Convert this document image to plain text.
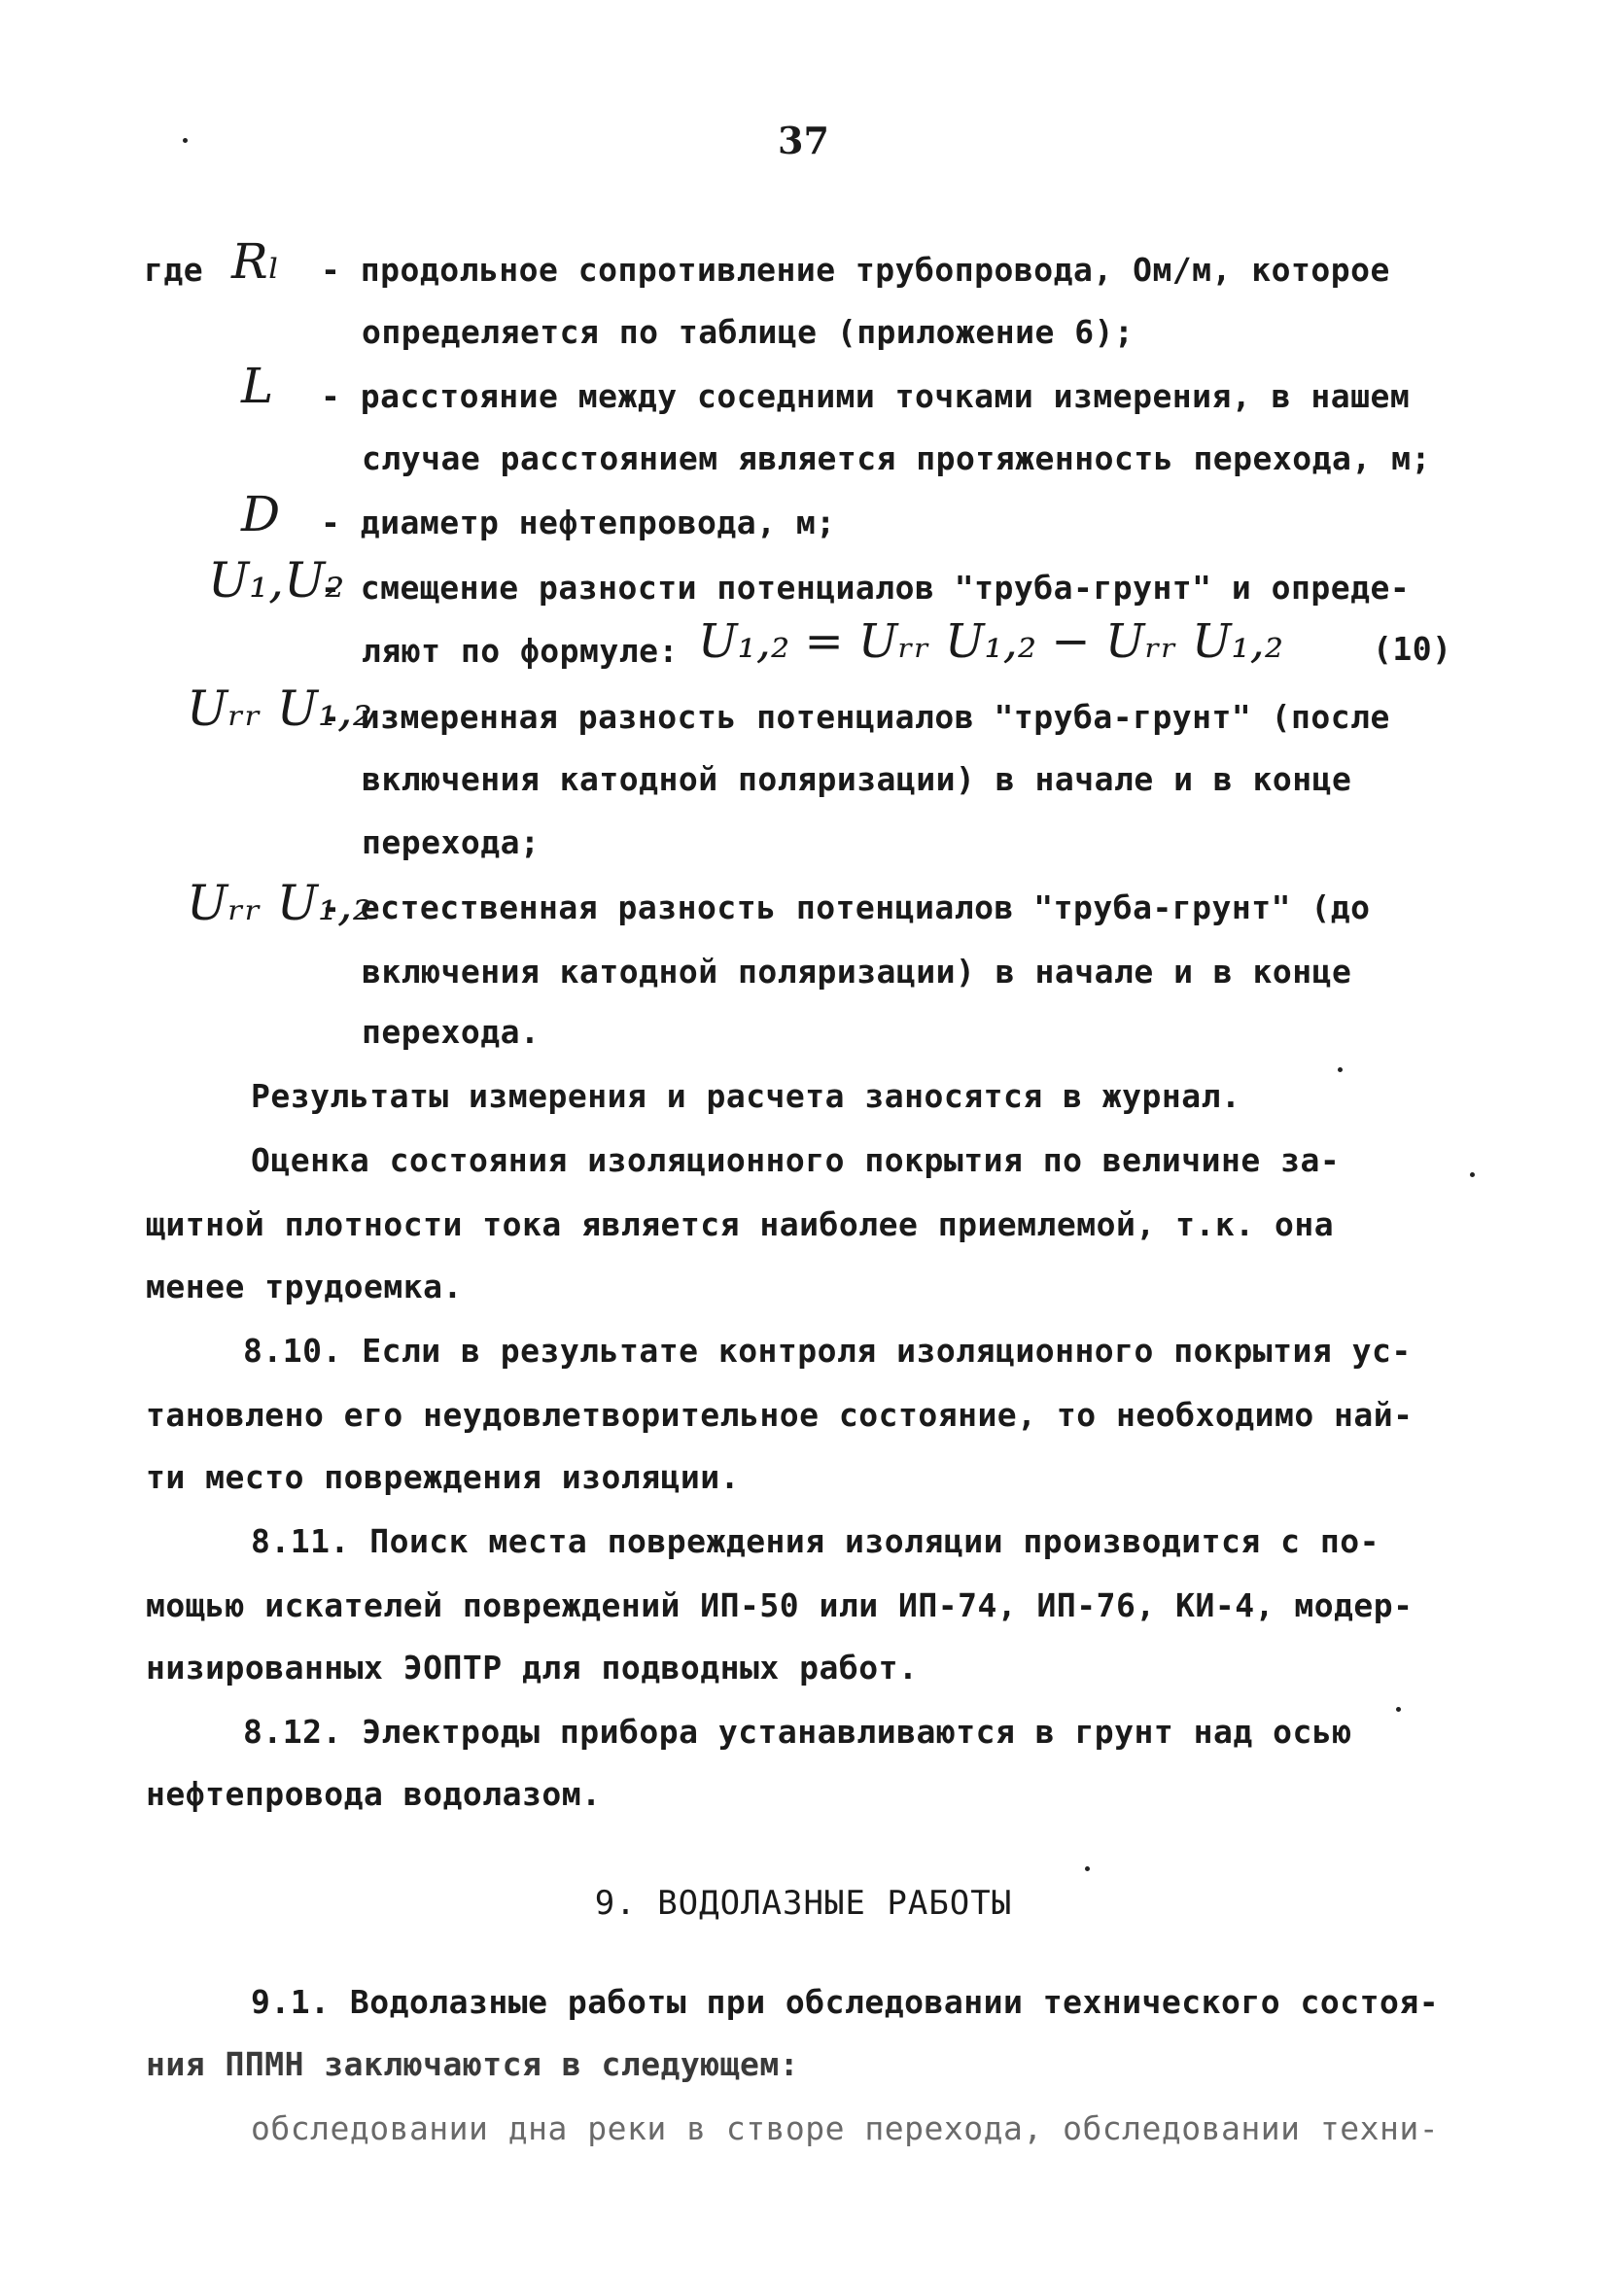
37
где Rₗ - продольное сопротивление трубопровода, Ом/м, которое
определяется по таблице (приложение 6);
L - расстояние между соседними точками измерения, в нашем
случае расстоянием является протяженность перехода, м;
D - диаметр нефтепровода, м;
U₁,U₂
- смещение разности потенциалов "труба-грунт" и опреде-
ляют по формуле: U₁,₂ = Uᵣᵣ U₁,₂ − Uᵣᵣ U₁,₂	(10)
Uᵣᵣ U₁,₂
- измеренная разность потенциалов "труба-грунт" (после
включения катодной поляризации) в начале и в конце
перехода;
Uᵣᵣ U₁,₂
- естественная разность потенциалов "труба-грунт" (до
включения катодной поляризации) в начале и в конце
перехода.
Результаты измерения и расчета заносятся в журнал.
Оценка состояния изоляционного покрытия по величине за-
щитной плотности тока является наиболее приемлемой, т.к. она
менее трудоемка.
8.10. Если в результате контроля изоляционного покрытия ус-
тановлено его неудовлетворительное состояние, то необходимо най-
ти место повреждения изоляции.
8.11. Поиск места повреждения изоляции производится с по-
мощью искателей повреждений ИП-50 или ИП-74, ИП-76, КИ-4, модер-
низированных ЭОПТР для подводных работ.
8.12. Электроды прибора устанавливаются в грунт над осью
нефтепровода водолазом.
9. ВОДОЛАЗНЫЕ РАБОТЫ
9.1. Водолазные работы при обследовании технического состоя-
ния ППМН заключаются в следующем:
обследовании дна реки в створе перехода, обследовании техни-
